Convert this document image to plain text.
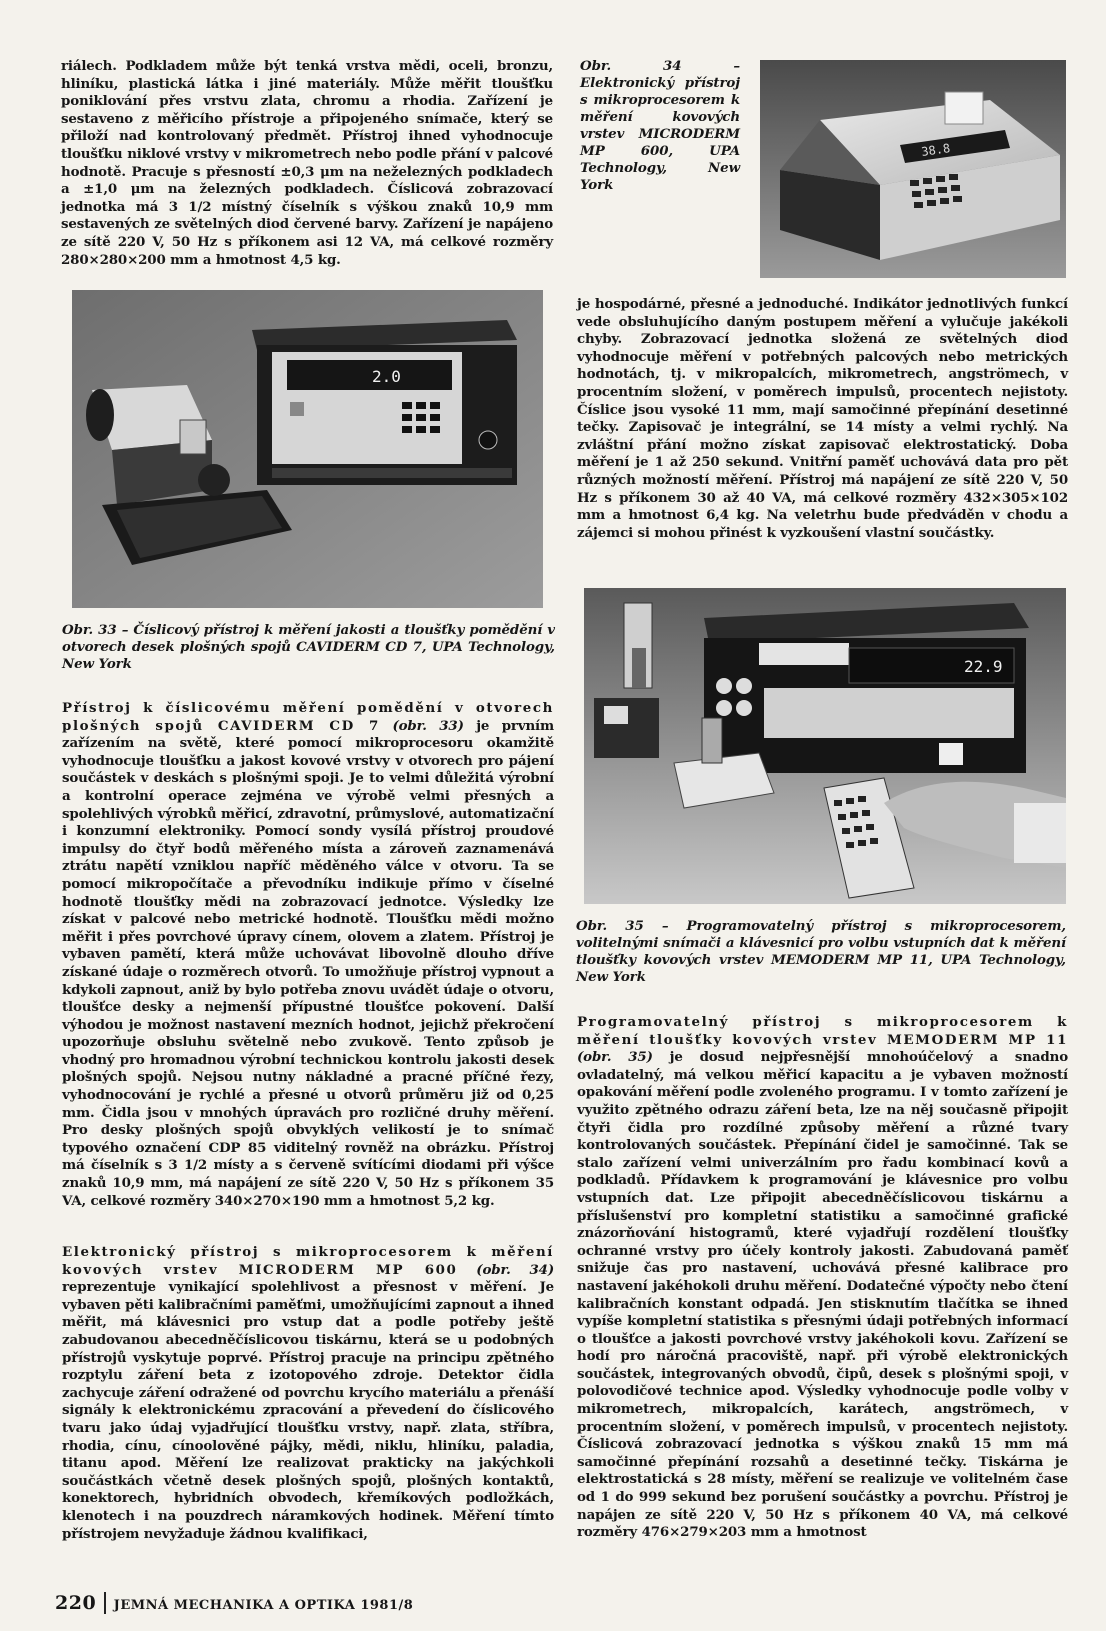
riálech. Podkladem může být tenká vrstva mědi, oceli, bronzu, hliníku, plastická látka i jiné materiály. Může měřit tloušťku poniklování přes vrstvu zlata, chromu a rhodia. Zařízení je sestaveno z měřicího přístroje a připojeného snímače, který se přiloží nad kontrolovaný předmět. Přístroj ihned vyhodnocuje tloušťku niklové vrstvy v mikrometrech nebo podle přání v palcové hodnotě. Pracuje s přesností ±0,3 μm na neželezných podkladech a ±1,0 μm na železných podkladech. Číslicová zobrazovací jednotka má 3 1/2 místný číselník s výškou znaků 10,9 mm sestavených ze světelných diod červené barvy. Zařízení je napájeno ze sítě 220 V, 50 Hz s příkonem asi 12 VA, má celkové rozměry 280×280×200 mm a hmotnost 4,5 kg.

Obr. 34 – Elektronický přístroj s mikroprocesorem k měření kovových vrstev MICRODERM MP 600, UPA Technology, New York
38.8
2.0

je hospodárné, přesné a jednoduché. Indikátor jednotlivých funkcí vede obsluhujícího daným postupem měření a vylučuje jakékoli chyby. Zobrazovací jednotka složená ze světelných diod vyhodnocuje měření v potřebných palcových nebo metrických hodnotách, tj. v mikropalcích, mikrometrech, angströmech, v procentním složení, v poměrech impulsů, procentech nejistoty. Číslice jsou vysoké 11 mm, mají samočinné přepínání desetinné tečky. Zapisovač je integrální, se 14 místy a velmi rychlý. Na zvláštní přání možno získat zapisovač elektrostatický. Doba měření je 1 až 250 sekund. Vnitřní paměť uchovává data pro pět různých možností měření. Přístroj má napájení ze sítě 220 V, 50 Hz s příkonem 30 až 40 VA, má celkové rozměry 432×305×102 mm a hmotnost 6,4 kg. Na veletrhu bude předváděn v chodu a zájemci si mohou přinést k vyzkoušení vlastní součástky.

22.9
Obr. 33 – Číslicový přístroj k měření jakosti a tloušťky pomědění v otvorech desek plošných spojů CAVIDERM CD 7, UPA Technology, New York

Přístroj k číslicovému měření pomědění v otvorech plošných spojů CAVIDERM CD 7 (obr. 33) je prvním zařízením na světě, které pomocí mikroprocesoru okamžitě vyhodnocuje tloušťku a jakost kovové vrstvy v otvorech pro pájení součástek v deskách s plošnými spoji. Je to velmi důležitá výrobní a kontrolní operace zejména ve výrobě velmi přesných a spolehlivých výrobků měřicí, zdravotní, průmyslové, automatizační i konzumní elektroniky. Pomocí sondy vysílá přístroj proudové impulsy do čtyř bodů měřeného místa a zároveň zaznamenává ztrátu napětí vzniklou napříč měděného válce v otvoru. Ta se pomocí mikropočítače a převodníku indikuje přímo v číselné hodnotě tloušťky mědi na zobrazovací jednotce. Výsledky lze získat v palcové nebo metrické hodnotě. Tloušťku mědi možno měřit i přes povrchové úpravy cínem, olovem a zlatem. Přístroj je vybaven pamětí, která může uchovávat libovolně dlouho dříve získané údaje o rozměrech otvorů. To umožňuje přístroj vypnout a kdykoli zapnout, aniž by bylo potřeba znovu uvádět údaje o otvoru, tloušťce desky a nejmenší přípustné tloušťce pokovení. Další výhodou je možnost nastavení mezních hodnot, jejichž překročení upozorňuje obsluhu světelně nebo zvukově. Tento způsob je vhodný pro hromadnou výrobní technickou kontrolu jakosti desek plošných spojů. Nejsou nutny nákladné a pracné příčné řezy, vyhodnocování je rychlé a přesné u otvorů průměru již od 0,25 mm. Čidla jsou v mnohých úpravách pro rozličné druhy měření. Pro desky plošných spojů obvyklých velikostí je to snímač typového označení CDP 85 viditelný rovněž na obrázku. Přístroj má číselník s 3 1/2 místy a s červeně svítícími diodami při výšce znaků 10,9 mm, má napájení ze sítě 220 V, 50 Hz s příkonem 35 VA, celkové rozměry 340×270×190 mm a hmotnost 5,2 kg.

Obr. 35 – Programovatelný přístroj s mikroprocesorem, volitelnými snímači a klávesnicí pro volbu vstupních dat k měření tloušťky kovových vrstev MEMODERM MP 11, UPA Technology, New York

Programovatelný přístroj s mikroprocesorem k měření tloušťky kovových vrstev MEMODERM MP 11 (obr. 35) je dosud nejpřesnější mnohoúčelový a snadno ovladatelný, má velkou měřicí kapacitu a je vybaven možností opakování měření podle zvoleného programu. I v tomto zařízení je využito zpětného odrazu záření beta, lze na něj současně připojit čtyři čidla pro rozdílné způsoby měření a různé tvary kontrolovaných součástek. Přepínání čidel je samočinné. Tak se stalo zařízení velmi univerzálním pro řadu kombinací kovů a podkladů. Přídavkem k programování je klávesnice pro volbu vstupních dat. Lze připojit abecedněčíslicovou tiskárnu a příslušenství pro kompletní statistiku a samočinné grafické znázorňování histogramů, které vyjadřují rozdělení tloušťky ochranné vrstvy pro účely kontroly jakosti. Zabudovaná paměť snižuje čas pro nastavení, uchovává přesné kalibrace pro nastavení jakéhokoli druhu měření. Dodatečné výpočty nebo čtení kalibračních konstant odpadá. Jen stisknutím tlačítka se ihned vypíše kompletní statistika s přesnými údaji potřebných informací o tloušťce a jakosti povrchové vrstvy jakéhokoli kovu. Zařízení se hodí pro náročná pracoviště, např. při výrobě elektronických součástek, integrovaných obvodů, čipů, desek s plošnými spoji, v polovodičové technice apod. Výsledky vyhodnocuje podle volby v mikrometrech, mikropalcích, karátech, angströmech, v procentním složení, v poměrech impulsů, v procentech nejistoty. Číslicová zobrazovací jednotka s výškou znaků 15 mm má samočinné přepínání rozsahů a desetinné tečky. Tiskárna je elektrostatická s 28 místy, měření se realizuje ve volitelném čase od 1 do 999 sekund bez porušení součástky a povrchu. Přístroj je napájen ze sítě 220 V, 50 Hz s příkonem 40 VA, má celkové rozměry 476×279×203 mm a hmotnost

Elektronický přístroj s mikroprocesorem k měření kovových vrstev MICRODERM MP 600 (obr. 34) reprezentuje vynikající spolehlivost a přesnost v měření. Je vybaven pěti kalibračními paměťmi, umožňujícími zapnout a ihned měřit, má klávesnici pro vstup dat a podle potřeby ještě zabudovanou abecedněčíslicovou tiskárnu, která se u podobných přístrojů vyskytuje poprvé. Přístroj pracuje na principu zpětného rozptylu záření beta z izotopového zdroje. Detektor čidla zachycuje záření odražené od povrchu krycího materiálu a přenáší signály k elektronickému zpracování a převedení do číslicového tvaru jako údaj vyjadřující tloušťku vrstvy, např. zlata, stříbra, rhodia, cínu, cínoolověné pájky, mědi, niklu, hliníku, paladia, titanu apod. Měření lze realizovat prakticky na jakýchkoli součástkách včetně desek plošných spojů, plošných kontaktů, konektorech, hybridních obvodech, křemíkových podložkách, klenotech i na pouzdrech náramkových hodinek. Měření tímto přístrojem nevyžaduje žádnou kvalifikaci,

220 JEMNÁ MECHANIKA A OPTIKA 1981/8
